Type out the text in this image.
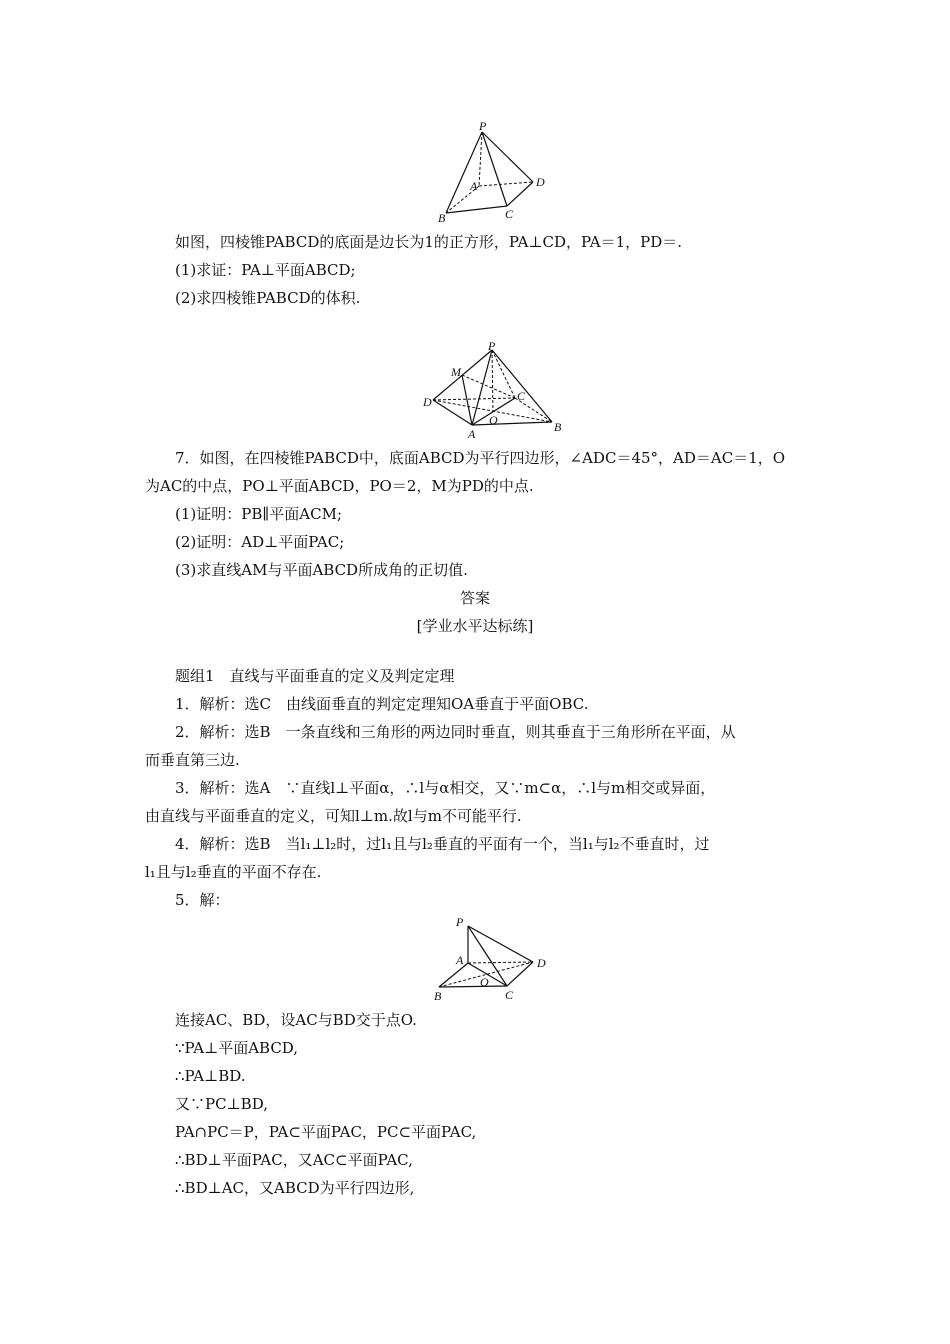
P
A
B	C
D
如图，四棱锥PABCD的底面是边长为1的正方形，PA⊥CD，PA＝1，PD＝.
(1)求证：PA⊥平面ABCD;
(2)求四棱锥PABCD的体积.
P
M
D	C
O
A	B
7．如图，在四棱锥PABCD中，底面ABCD为平行四边形，∠ADC＝45°，AD＝AC＝1，O
为AC的中点，PO⊥平面ABCD，PO＝2，M为PD的中点.
(1)证明：PB∥平面ACM;
(2)证明：AD⊥平面PAC;
(3)求直线AM与平面ABCD所成角的正切值.
答案
[学业水平达标练]
题组1　直线与平面垂直的定义及判定定理
1．解析：选C　由线面垂直的判定定理知OA垂直于平面OBC.
2．解析：选B　一条直线和三角形的两边同时垂直，则其垂直于三角形所在平面，从
而垂直第三边.
3．解析：选A　∵直线l⊥平面α，∴l与α相交，又∵m⊂α，∴l与m相交或异面，
由直线与平面垂直的定义，可知l⊥m.故l与m不可能平行.
4．解析：选B　当l₁⊥l₂时，过l₁且与l₂垂直的平面有一个，当l₁与l₂不垂直时，过
l₁且与l₂垂直的平面不存在.
5．解：
P
A
B	C
D
O
连接AC、BD，设AC与BD交于点O.
∵PA⊥平面ABCD,
∴PA⊥BD.
又∵PC⊥BD,
PA∩PC＝P，PA⊂平面PAC，PC⊂平面PAC,
∴BD⊥平面PAC，又AC⊂平面PAC,
∴BD⊥AC，又ABCD为平行四边形,
